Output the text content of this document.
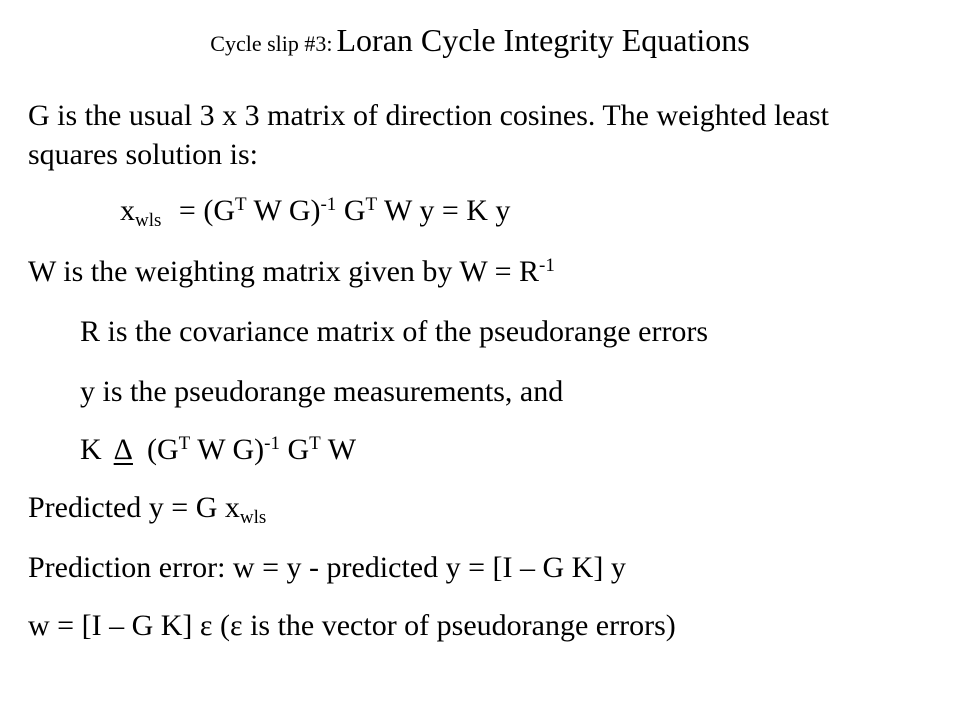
Cycle slip #3: Loran Cycle Integrity Equations
G is the usual 3 x 3 matrix of direction cosines. The weighted least
squares solution is:
$x_{wls} = (G^T$ W G)$^{-1}$ $G^T$ W y = K y
W is the weighting matrix given by $W = R^{-1}$
R is the covariance matrix of the pseudorange errors
y is the pseudorange measurements, and
K Δ ($G^T$ W G)$^{-1}$ $G^T$ W
Predicted y = G $x_{wls}$
Prediction error: w = y - predicted y = [I – G K] y
w = [I – G K] ε (ε is the vector of pseudorange errors)
